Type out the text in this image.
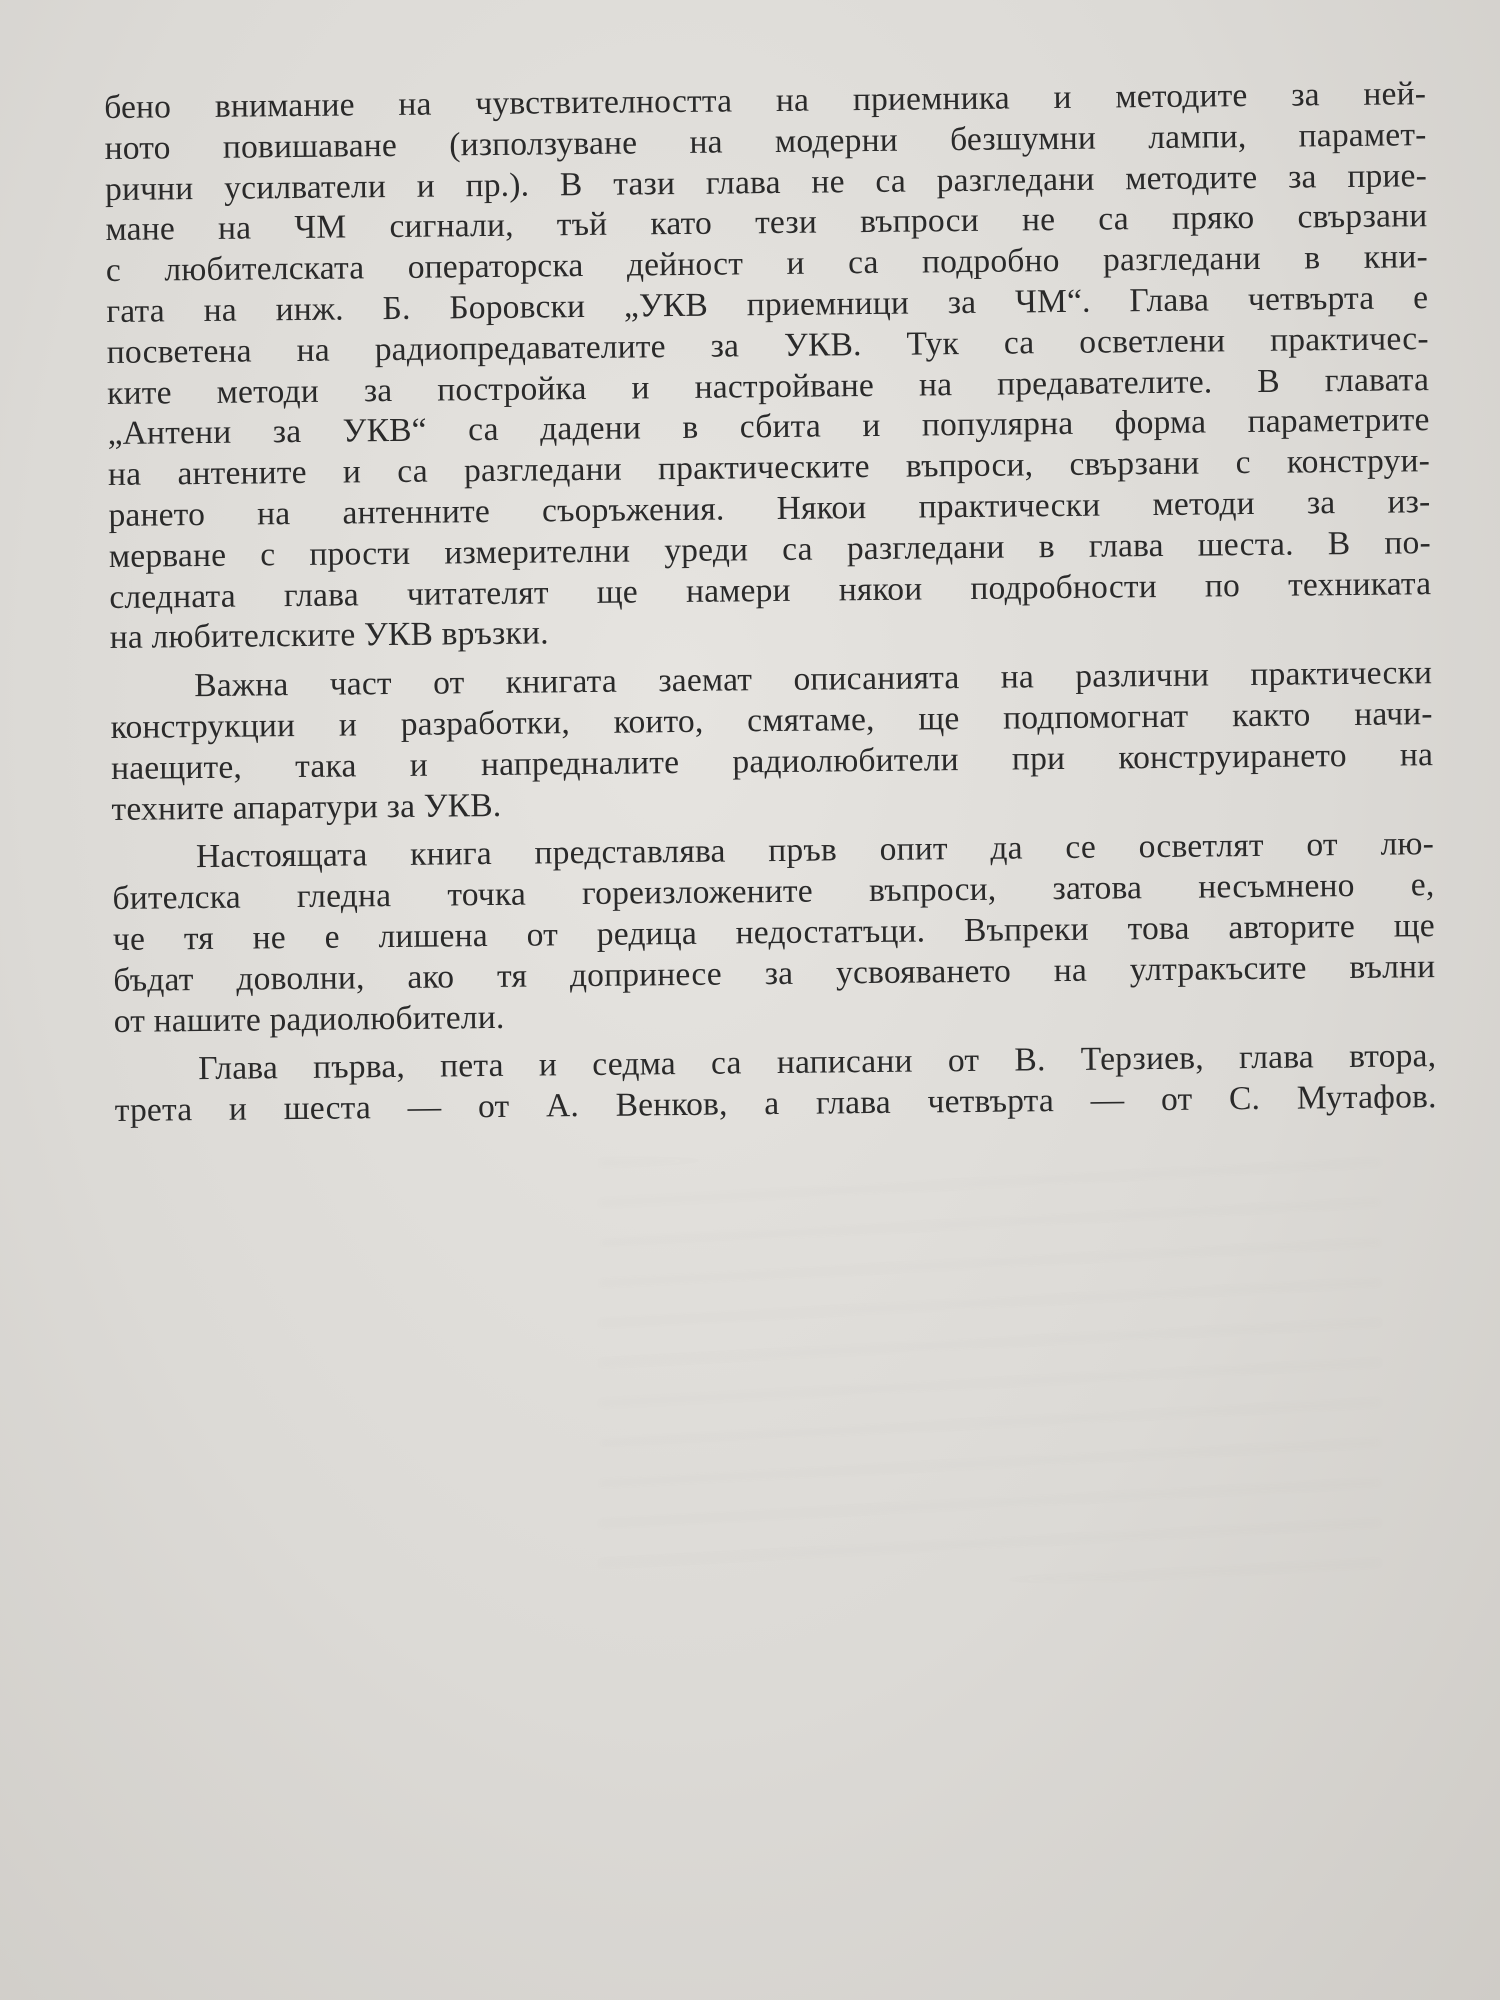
бено внимание на чувствителността на приемника и методите за ней-
ното повишаване (използуване на модерни безшумни лампи, парамет-
рични усилватели и пр.). В тази глава не са разгледани методите за прие-
мане на ЧМ сигнали, тъй като тези въпроси не са пряко свързани
с любителската операторска дейност и са подробно разгледани в кни-
гата на инж. Б. Боровски „УКВ приемници за ЧМ“. Глава четвърта е
посветена на радиопредавателите за УКВ. Тук са осветлени практичес-
ките методи за постройка и настройване на предавателите. В главата
„Антени за УКВ“ са дадени в сбита и популярна форма параметрите
на антените и са разгледани практическите въпроси, свързани с конструи-
рането на антенните съоръжения. Някои практически методи за из-
мерване с прости измерителни уреди са разгледани в глава шеста. В по-
следната глава читателят ще намери някои подробности по техниката
на любителските УКВ връзки.
Важна част от книгата заемат описанията на различни практически
конструкции и разработки, които, смятаме, ще подпомогнат както начи-
наещите, така и напредналите радиолюбители при конструирането на
техните апаратури за УКВ.
Настоящата книга представлява пръв опит да се осветлят от лю-
бителска гледна точка гореизложените въпроси, затова несъмнено е,
че тя не е лишена от редица недостатъци. Въпреки това авторите ще
бъдат доволни, ако тя допринесе за усвояването на ултракъсите вълни
от нашите радиолюбители.
Глава първа, пета и седма са написани от В. Терзиев, глава втора,
трета и шеста — от А. Венков, а глава четвърта — от С. Мутафов.
